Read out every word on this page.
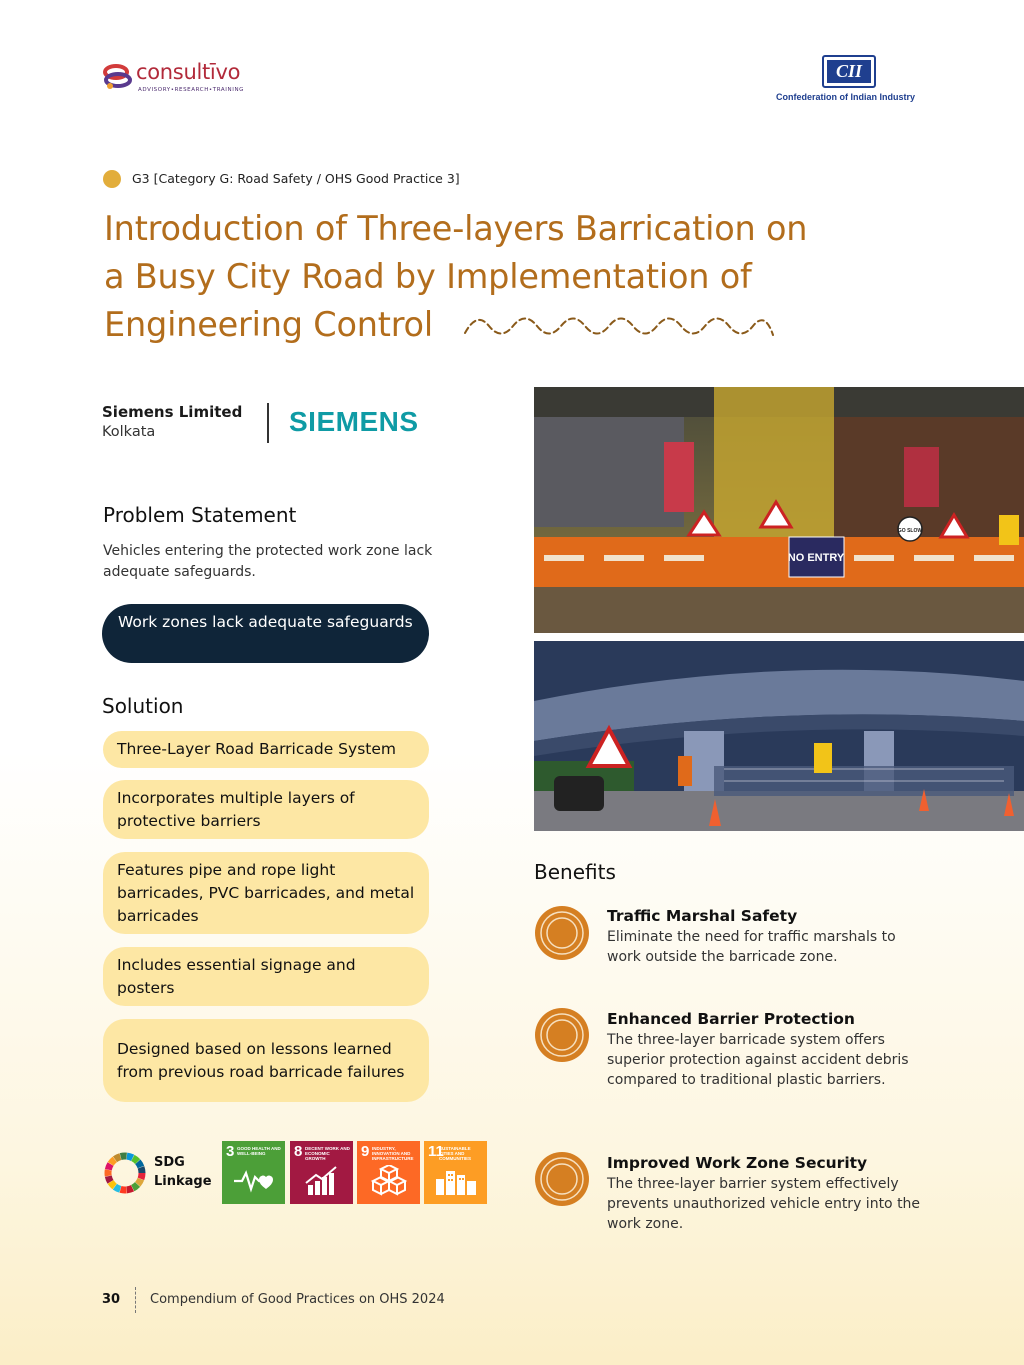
consultīvo
ADVISORY•RESEARCH•TRAINING
CII
Confederation of Indian Industry
G3 [Category G: Road Safety / OHS Good Practice 3]
Introduction of Three-layers Barrication on
a Busy City Road by Implementation of
Engineering Control
Siemens Limited
Kolkata	SIEMENS
Problem Statement
Vehicles entering the protected work zone lack adequate safeguards.
Work zones lack adequate safeguards
Solution
Three-Layer Road Barricade System
Incorporates multiple layers of protective barriers
Features pipe and rope light barricades, PVC barricades, and metal barricades
Includes essential signage and posters
Designed based on lessons learned from previous road barricade failures
NO ENTRY
GO SLOW
Benefits
Traffic Marshal Safety
Eliminate the need for traffic marshals to work outside the barricade zone.
Enhanced Barrier Protection
The three-layer barricade system offers superior protection against accident debris compared to traditional plastic barriers.
Improved Work Zone Security
The three-layer barrier system effectively prevents unauthorized vehicle entry into the work zone.
SDG Linkage
3 GOOD HEALTH AND WELL-BEING	8 DECENT WORK AND ECONOMIC GROWTH	9 INDUSTRY, INNOVATION AND INFRASTRUCTURE 11
SUSTAINABLE CITIES AND COMMUNITIES
30 Compendium of Good Practices on OHS 2024
